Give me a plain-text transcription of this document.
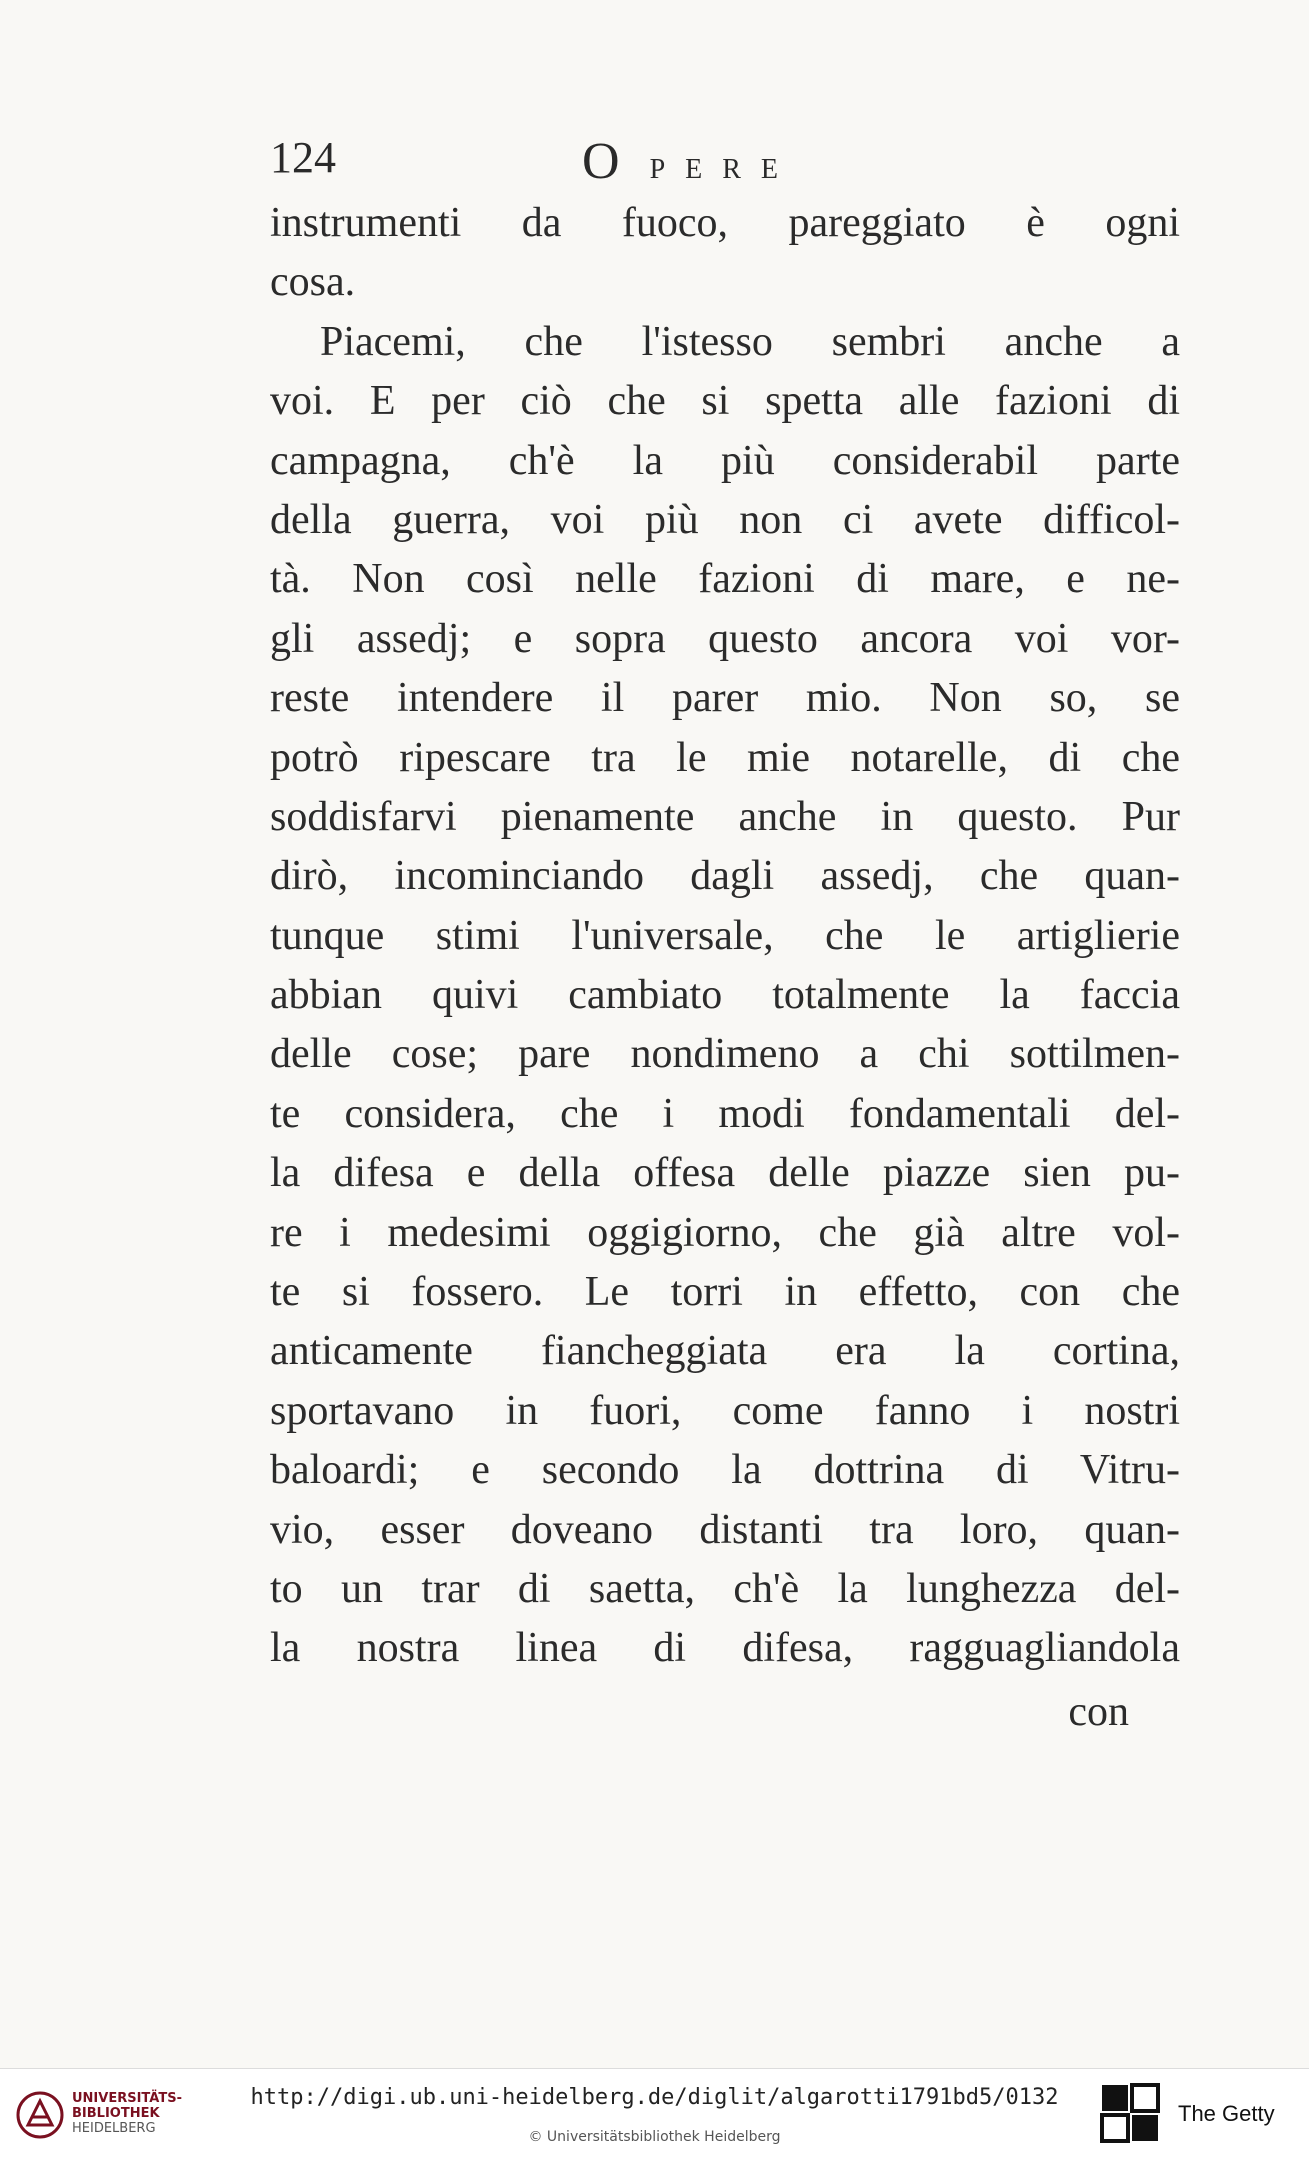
124	OPERE
instrumenti da fuoco, pareggiato è ogni
cosa.
Piacemi, che l'istesso sembri anche a
voi. E per ciò che si spetta alle fazioni di
campagna, ch'è la più considerabil parte
della guerra, voi più non ci avete difficol-
tà. Non così nelle fazioni di mare, e ne-
gli assedj; e sopra questo ancora voi vor-
reste intendere il parer mio. Non so, se
potrò ripescare tra le mie notarelle, di che
soddisfarvi pienamente anche in questo. Pur
dirò, incominciando dagli assedj, che quan-
tunque stimi l'universale, che le artiglierie
abbian quivi cambiato totalmente la faccia
delle cose; pare nondimeno a chi sottilmen-
te considera, che i modi fondamentali del-
la difesa e della offesa delle piazze sien pu-
re i medesimi oggigiorno, che già altre vol-
te si fossero. Le torri in effetto, con che
anticamente fiancheggiata era la cortina,
sportavano in fuori, come fanno i nostri
baloardi; e secondo la dottrina di Vitru-
vio, esser doveano distanti tra loro, quan-
to un trar di saetta, ch'è la lunghezza del-
la nostra linea di difesa, ragguagliandola
con
UNIVERSITÄTS-
BIBLIOTHEK
HEIDELBERG
http://digi.ub.uni-heidelberg.de/diglit/algarotti1791bd5/0132
© Universitätsbibliothek Heidelberg
The Getty
